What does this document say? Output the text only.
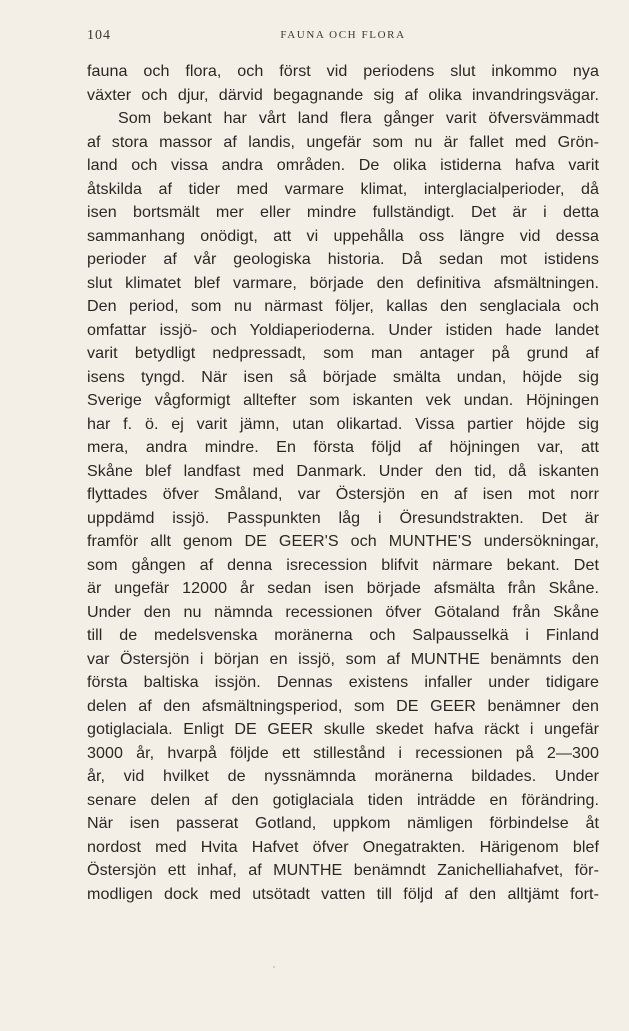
104	FAUNA OCH FLORA
fauna och flora, och först vid periodens slut inkommo nya
växter och djur, därvid begagnande sig af olika invandringsvägar.
Som bekant har vårt land flera gånger varit öfversvämmadt
af stora massor af landis, ungefär som nu är fallet med Grön-
land och vissa andra områden. De olika istiderna hafva varit
åtskilda af tider med varmare klimat, interglacialperioder, då
isen bortsmält mer eller mindre fullständigt. Det är i detta
sammanhang onödigt, att vi uppehålla oss längre vid dessa
perioder af vår geologiska historia. Då sedan mot istidens
slut klimatet blef varmare, började den definitiva afsmältningen.
Den period, som nu närmast följer, kallas den senglaciala och
omfattar issjö- och Yoldiaperioderna. Under istiden hade landet
varit betydligt nedpressadt, som man antager på grund af
isens tyngd. När isen så började smälta undan, höjde sig
Sverige vågformigt alltefter som iskanten vek undan. Höjningen
har f. ö. ej varit jämn, utan olikartad. Vissa partier höjde sig
mera, andra mindre. En första följd af höjningen var, att
Skåne blef landfast med Danmark. Under den tid, då iskanten
flyttades öfver Småland, var Östersjön en af isen mot norr
uppdämd issjö. Passpunkten låg i Öresundstrakten. Det är
framför allt genom DE GEER'S och MUNTHE'S undersökningar,
som gången af denna isrecession blifvit närmare bekant. Det
är ungefär 12000 år sedan isen började afsmälta från Skåne.
Under den nu nämnda recessionen öfver Götaland från Skåne
till de medelsvenska moränerna och Salpausselkä i Finland
var Östersjön i början en issjö, som af MUNTHE benämnts den
första baltiska issjön. Dennas existens infaller under tidigare
delen af den afsmältningsperiod, som DE GEER benämner den
gotiglaciala. Enligt DE GEER skulle skedet hafva räckt i ungefär
3000 år, hvarpå följde ett stillestånd i recessionen på 2—300
år, vid hvilket de nyssnämnda moränerna bildades. Under
senare delen af den gotiglaciala tiden inträdde en förändring.
När isen passerat Gotland, uppkom nämligen förbindelse åt
nordost med Hvita Hafvet öfver Onegatrakten. Härigenom blef
Östersjön ett inhaf, af MUNTHE benämndt Zanichelliahafvet, för-
modligen dock med utsötadt vatten till följd af den alltjämt fort-
